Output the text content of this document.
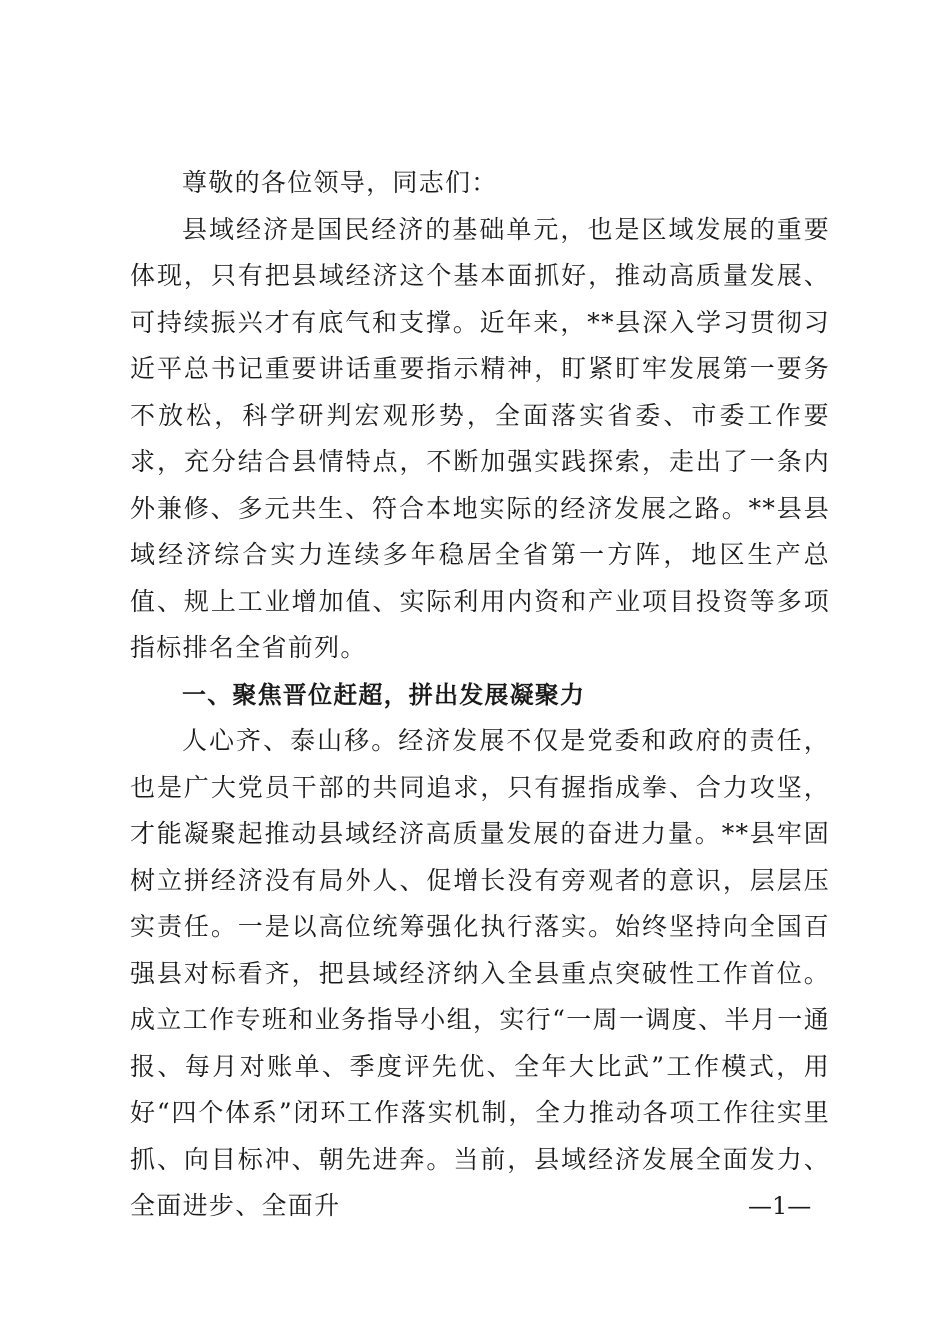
尊敬的各位领导，同志们：

县域经济是国民经济的基础单元，也是区域发展的重要体现，只有把县域经济这个基本面抓好，推动高质量发展、可持续振兴才有底气和支撑。近年来，**县深入学习贯彻习近平总书记重要讲话重要指示精神，盯紧盯牢发展第一要务不放松，科学研判宏观形势，全面落实省委、市委工作要求，充分结合县情特点，不断加强实践探索，走出了一条内外兼修、多元共生、符合本地实际的经济发展之路。**县县域经济综合实力连续多年稳居全省第一方阵，地区生产总值、规上工业增加值、实际利用内资和产业项目投资等多项指标排名全省前列。

一、聚焦晋位赶超，拼出发展凝聚力

人心齐、泰山移。经济发展不仅是党委和政府的责任，也是广大党员干部的共同追求，只有握指成拳、合力攻坚，才能凝聚起推动县域经济高质量发展的奋进力量。**县牢固树立拼经济没有局外人、促增长没有旁观者的意识，层层压实责任。一是以高位统筹强化执行落实。始终坚持向全国百强县对标看齐，把县域经济纳入全县重点突破性工作首位。成立工作专班和业务指导小组，实行“一周一调度、半月一通报、每月对账单、季度评先优、全年大比武”工作模式，用好“四个体系”闭环工作落实机制，全力推动各项工作往实里抓、向目标冲、朝先进奔。当前，县域经济发展全面发力、全面进步、全面升	—1—
